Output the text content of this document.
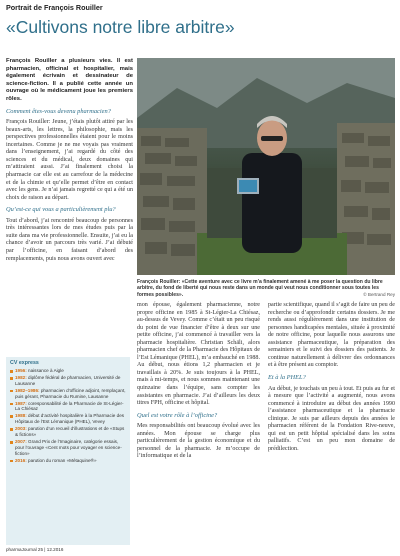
Portrait de François Rouiller
«Cultivons notre libre arbitre»
François Rouiller a plusieurs vies. Il est pharmacien, officinal et hospitalier, mais également écrivain et dessinateur de science-fiction. Il a publié cette année un ouvrage où le médicament joue les premiers rôles.
Comment êtes-vous devenu pharmacien?
François Rouiller: Jeune, j’étais plutôt attiré par les beaux-arts, les lettres, la philosophie, mais les perspectives professionnelles étaient pour le moins incertaines. Comme je ne me voyais pas vraiment dans l’enseignement, j’ai regardé du côté des sciences et du médical, deux domaines qui m’attiraient aussi. J’ai finalement choisi la pharmacie car elle est au carrefour de la médecine et de la chimie et qu’elle permet d’être en contact avec les gens. Je n’ai jamais regretté ce qui a été un choix de raison au départ.
Qu’est-ce qui vous a particulièrement plu?
Tout d’abord, j’ai rencontré beaucoup de personnes très intéressantes lors de mes études puis par la suite dans ma vie professionnelle. Ensuite, j’ai eu la chance d’avoir un parcours très varié. J’ai débuté par l’officine, en faisant d’abord des remplacements, puis nous avons ouvert avec
François Rouiller: «Cette aventure avec ce livre m’a finalement amené à me poser la question du libre arbitre, du fond de liberté qui nous reste dans un monde qui veut nous conditionner sous toutes les formes possibles».	© Bertrand Rey
CV express
1956: naissance à Aigle
1982: diplôme fédéral de pharmacien, Université de Lausanne
1982–1986: pharmacien d’officine adjoint, remplaçant, puis gérant, Pharmacie du Rumine, Lausanne
1987: coresponsabilité de la Pharmacie de St-Légier-La Chiésaz
1988: début d’activité hospitalière à la Pharmacie des Hôpitaux de l’Est Lémanique (PHEL), Vevey
2003: parution d’un recueil d’illustrations et de «Stups & fictions»
2007: Grand Prix de l’Imaginaire, catégorie essais, pour l’ouvrage «Cent mots pour voyager en science-fiction»
2016: parution du roman «Métaquine®»
mon épouse, également pharmacienne, notre propre officine en 1985 à St-Légier-La Chiésaz, au-dessus de Vevey. Comme c’était un peu risqué du point de vue financier d’être à deux sur une petite officine, j’ai commencé à travailler vers la pharmacie hospitalière. Christian Schäli, alors pharmacien chef de la Pharmacie des Hôpitaux de l’Est Lémanique (PHEL), m’a embauché en 1988. Au début, nous étions 1,2 pharmacien et je travaillais à 20%. Je suis toujours à la PHEL, mais à mi-temps, et nous sommes maintenant une quinzaine dans l’équipe, sans compter les assistantes en pharmacie. J’ai d’ailleurs les deux titres FPH, officine et hôpital.
Quel est votre rôle à l’officine?
Mes responsabilités ont beaucoup évolué avec les années. Mon épouse se charge plus particulièrement de la gestion économique et du personnel de la pharmacie. Je m’occupe de l’informatique et de la
partie scientifique, quand il s’agit de faire un peu de recherche ou d’approfondir certains dossiers. Je me rends aussi régulièrement dans une institution de personnes handicapées mentales, située à proximité de notre officine, pour laquelle nous assurons une assistance pharmaceutique, la préparation des semainiers et le suivi des dossiers des patients. Je continue naturellement à délivrer des ordonnances et à être présent au comptoir.
Et à la PHEL?
Au début, je touchais un peu à tout. Et puis au fur et à mesure que l’activité a augmenté, nous avons commencé à introduire au début des années 1990 l’assistance pharmaceutique et la pharmacie clinique. Je suis par ailleurs depuis des années le pharmacien référent de la Fondation Rive-neuve, qui est un petit hôpital spécialisé dans les soins palliatifs. C’est un peu mon domaine de prédilection.
pharmaJournal 25 | 12.2016
